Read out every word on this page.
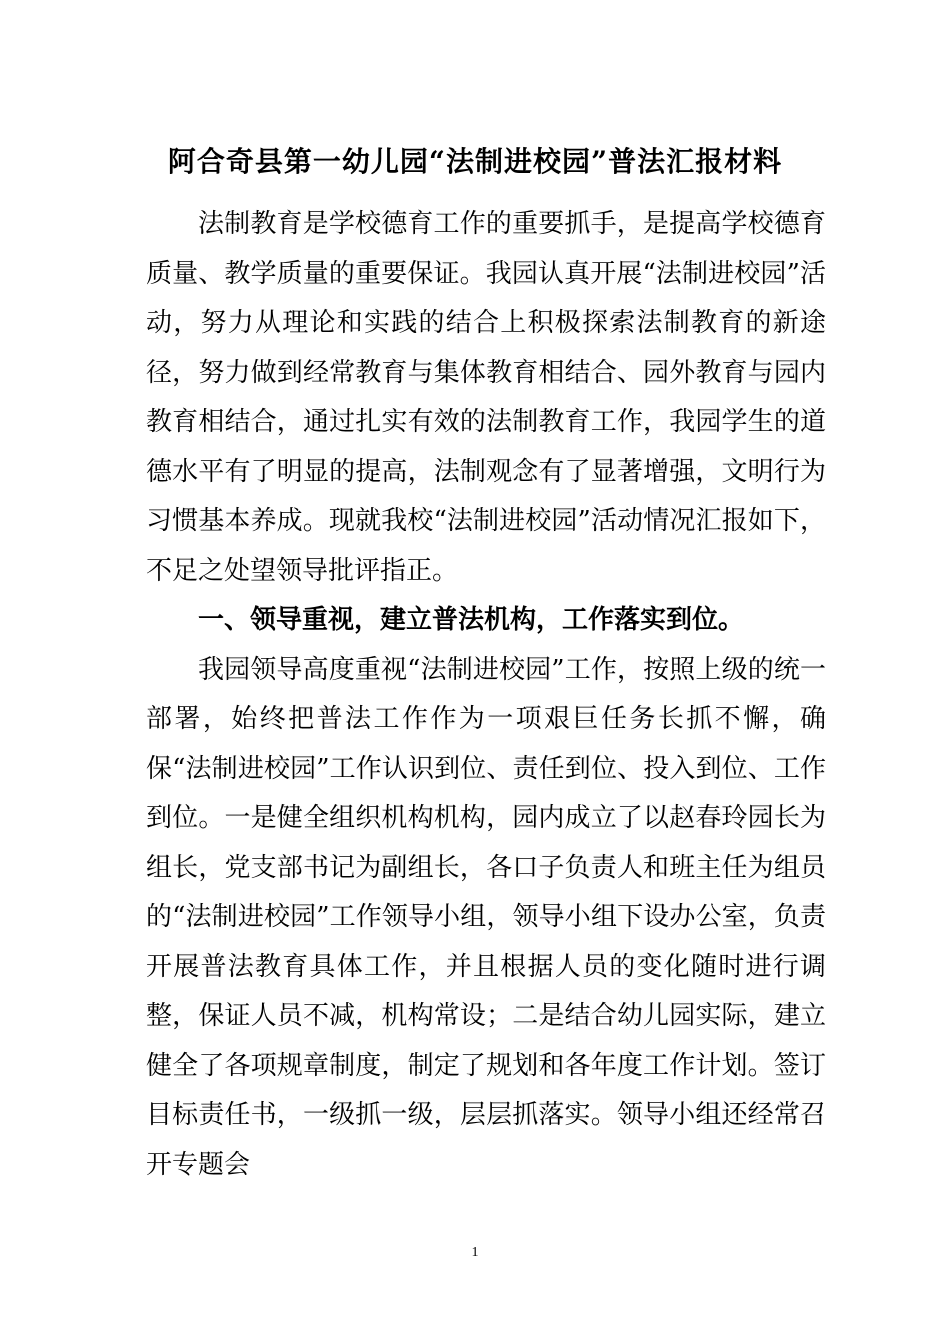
阿合奇县第一幼儿园“法制进校园”普法汇报材料

法制教育是学校德育工作的重要抓手，是提高学校德育质量、教学质量的重要保证。我园认真开展“法制进校园”活动，努力从理论和实践的结合上积极探索法制教育的新途径，努力做到经常教育与集体教育相结合、园外教育与园内教育相结合，通过扎实有效的法制教育工作，我园学生的道德水平有了明显的提高，法制观念有了显著增强，文明行为习惯基本养成。现就我校“法制进校园”活动情况汇报如下，不足之处望领导批评指正。

一、领导重视，建立普法机构，工作落实到位。

我园领导高度重视“法制进校园”工作，按照上级的统一部署，始终把普法工作作为一项艰巨任务长抓不懈，确保“法制进校园”工作认识到位、责任到位、投入到位、工作到位。一是健全组织机构机构，园内成立了以赵春玲园长为组长，党支部书记为副组长，各口子负责人和班主任为组员的“法制进校园”工作领导小组，领导小组下设办公室，负责开展普法教育具体工作，并且根据人员的变化随时进行调整，保证人员不减，机构常设；二是结合幼儿园实际，建立健全了各项规章制度，制定了规划和各年度工作计划。签订目标责任书，一级抓一级，层层抓落实。领导小组还经常召开专题会

1
